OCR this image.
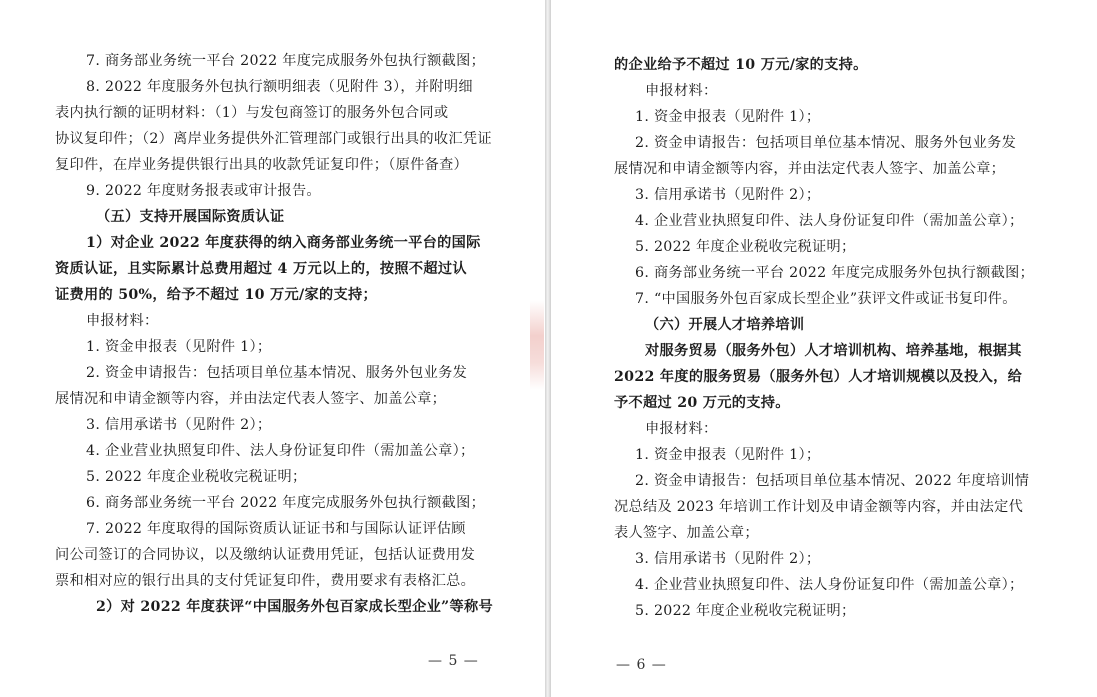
7. 商务部业务统一平台 2022 年度完成服务外包执行额截图；
8. 2022 年度服务外包执行额明细表（见附件 3），并附明细
表内执行额的证明材料：（1）与发包商签订的服务外包合同或
协议复印件；（2）离岸业务提供外汇管理部门或银行出具的收汇凭证
复印件，在岸业务提供银行出具的收款凭证复印件；（原件备查）
9. 2022 年度财务报表或审计报告。
（五）支持开展国际资质认证
1）对企业 2022 年度获得的纳入商务部业务统一平台的国际
资质认证，且实际累计总费用超过 4 万元以上的，按照不超过认
证费用的 50%，给予不超过 10 万元/家的支持；
申报材料：
1. 资金申报表（见附件 1）；
2. 资金申请报告：包括项目单位基本情况、服务外包业务发
展情况和申请金额等内容，并由法定代表人签字、加盖公章；
3. 信用承诺书（见附件 2）；
4. 企业营业执照复印件、法人身份证复印件（需加盖公章）；
5. 2022 年度企业税收完税证明；
6. 商务部业务统一平台 2022 年度完成服务外包执行额截图；
7. 2022 年度取得的国际资质认证证书和与国际认证评估顾
问公司签订的合同协议，以及缴纳认证费用凭证，包括认证费用发
票和相对应的银行出具的支付凭证复印件，费用要求有表格汇总。
2）对 2022 年度获评“中国服务外包百家成长型企业”等称号
— 5 —
的企业给予不超过 10 万元/家的支持。
申报材料：
1. 资金申报表（见附件 1）；
2. 资金申请报告：包括项目单位基本情况、服务外包业务发
展情况和申请金额等内容，并由法定代表人签字、加盖公章；
3. 信用承诺书（见附件 2）；
4. 企业营业执照复印件、法人身份证复印件（需加盖公章）；
5. 2022 年度企业税收完税证明；
6. 商务部业务统一平台 2022 年度完成服务外包执行额截图；
7. “中国服务外包百家成长型企业”获评文件或证书复印件。
（六）开展人才培养培训
对服务贸易（服务外包）人才培训机构、培养基地，根据其
2022 年度的服务贸易（服务外包）人才培训规模以及投入，给
予不超过 20 万元的支持。
申报材料：
1. 资金申报表（见附件 1）；
2. 资金申请报告：包括项目单位基本情况、2022 年度培训情
况总结及 2023 年培训工作计划及申请金额等内容，并由法定代
表人签字、加盖公章；
3. 信用承诺书（见附件 2）；
4. 企业营业执照复印件、法人身份证复印件（需加盖公章）；
5. 2022 年度企业税收完税证明；
— 6 —
